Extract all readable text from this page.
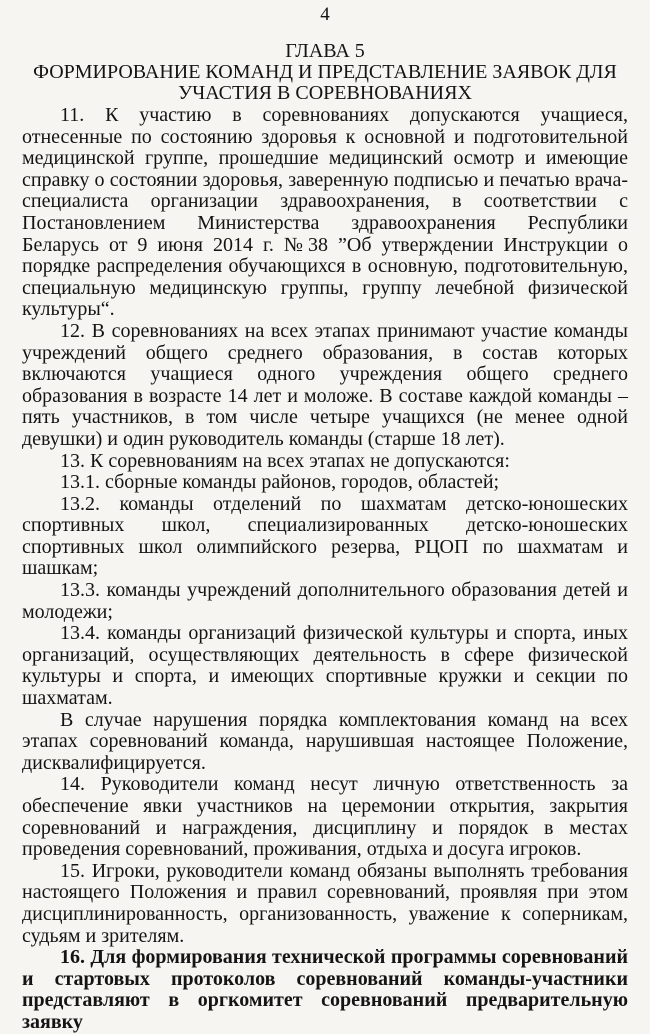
4
ГЛАВА 5
ФОРМИРОВАНИЕ КОМАНД И ПРЕДСТАВЛЕНИЕ ЗАЯВОК ДЛЯ УЧАСТИЯ В СОРЕВНОВАНИЯХ

11. К участию в соревнованиях допускаются учащиеся, отнесенные по состоянию здоровья к основной и подготовительной медицинской группе, прошедшие медицинский осмотр и имеющие справку о состоянии здоровья, заверенную подписью и печатью врача-специалиста организации здравоохранения, в соответствии с Постановлением Министерства здравоохранения Республики Беларусь от 9 июня 2014 г. №38 ”Об утверждении Инструкции о порядке распределения обучающихся в основную, подготовительную, специальную медицинскую группы, группу лечебной физической культуры“.

12. В соревнованиях на всех этапах принимают участие команды учреждений общего среднего образования, в состав которых включаются учащиеся одного учреждения общего среднего образования в возрасте 14 лет и моложе. В составе каждой команды – пять участников, в том числе четыре учащихся (не менее одной девушки) и один руководитель команды (старше 18 лет).

13. К соревнованиям на всех этапах не допускаются:

13.1. сборные команды районов, городов, областей;

13.2. команды отделений по шахматам детско-юношеских спортивных школ, специализированных детско-юношеских спортивных школ олимпийского резерва, РЦОП по шахматам и шашкам;

13.3. команды учреждений дополнительного образования детей и молодежи;

13.4. команды организаций физической культуры и спорта, иных организаций, осуществляющих деятельность в сфере физической культуры и спорта, и имеющих спортивные кружки и секции по шахматам.

В случае нарушения порядка комплектования команд на всех этапах соревнований команда, нарушившая настоящее Положение, дисквалифицируется.

14. Руководители команд несут личную ответственность за обеспечение явки участников на церемонии открытия, закрытия соревнований и награждения, дисциплину и порядок в местах проведения соревнований, проживания, отдыха и досуга игроков.

15. Игроки, руководители команд обязаны выполнять требования настоящего Положения и правил соревнований, проявляя при этом дисциплинированность, организованность, уважение к соперникам, судьям и зрителям.

16. Для формирования технической программы соревнований и стартовых протоколов соревнований команды-участники представляют в оргкомитет соревнований предварительную заявку
